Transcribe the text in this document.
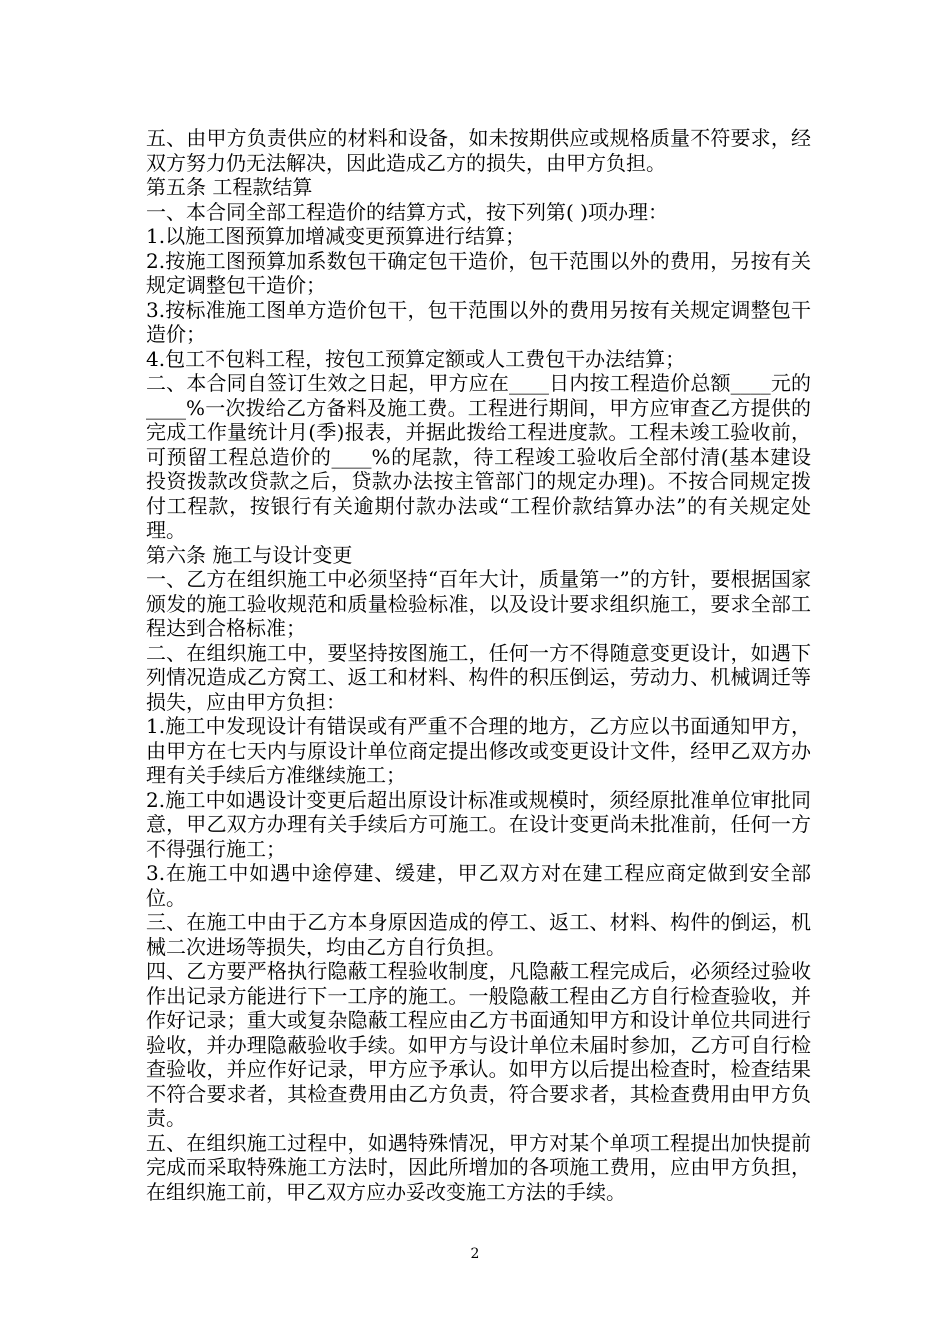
五、由甲方负责供应的材料和设备，如未按期供应或规格质量不符要求，经双方努力仍无法解决，因此造成乙方的损失，由甲方负担。

第五条 工程款结算

一、本合同全部工程造价的结算方式，按下列第( )项办理：

1.以施工图预算加增减变更预算进行结算；

2.按施工图预算加系数包干确定包干造价，包干范围以外的费用，另按有关规定调整包干造价；

3.按标准施工图单方造价包干，包干范围以外的费用另按有关规定调整包干造价；

4.包工不包料工程，按包工预算定额或人工费包干办法结算；

二、本合同自签订生效之日起，甲方应在____日内按工程造价总额____元的____%一次拨给乙方备料及施工费。工程进行期间，甲方应审查乙方提供的完成工作量统计月(季)报表，并据此拨给工程进度款。工程未竣工验收前，可预留工程总造价的____%的尾款，待工程竣工验收后全部付清(基本建设投资拨款改贷款之后，贷款办法按主管部门的规定办理)。不按合同规定拨付工程款，按银行有关逾期付款办法或“工程价款结算办法”的有关规定处理。

第六条 施工与设计变更

一、乙方在组织施工中必须坚持“百年大计，质量第一”的方针，要根据国家颁发的施工验收规范和质量检验标准，以及设计要求组织施工，要求全部工程达到合格标准；

二、在组织施工中，要坚持按图施工，任何一方不得随意变更设计，如遇下列情况造成乙方窝工、返工和材料、构件的积压倒运，劳动力、机械调迁等损失，应由甲方负担：

1.施工中发现设计有错误或有严重不合理的地方，乙方应以书面通知甲方，由甲方在七天内与原设计单位商定提出修改或变更设计文件，经甲乙双方办理有关手续后方准继续施工；

2.施工中如遇设计变更后超出原设计标准或规模时，须经原批准单位审批同意，甲乙双方办理有关手续后方可施工。在设计变更尚未批准前，任何一方不得强行施工；

3.在施工中如遇中途停建、缓建，甲乙双方对在建工程应商定做到安全部位。

三、在施工中由于乙方本身原因造成的停工、返工、材料、构件的倒运，机械二次进场等损失，均由乙方自行负担。

四、乙方要严格执行隐蔽工程验收制度，凡隐蔽工程完成后，必须经过验收作出记录方能进行下一工序的施工。一般隐蔽工程由乙方自行检查验收，并作好记录；重大或复杂隐蔽工程应由乙方书面通知甲方和设计单位共同进行验收，并办理隐蔽验收手续。如甲方与设计单位未届时参加，乙方可自行检查验收，并应作好记录，甲方应予承认。如甲方以后提出检查时，检查结果不符合要求者，其检查费用由乙方负责，符合要求者，其检查费用由甲方负责。

五、在组织施工过程中，如遇特殊情况，甲方对某个单项工程提出加快提前完成而采取特殊施工方法时，因此所增加的各项施工费用，应由甲方负担，在组织施工前，甲乙双方应办妥改变施工方法的手续。

2
